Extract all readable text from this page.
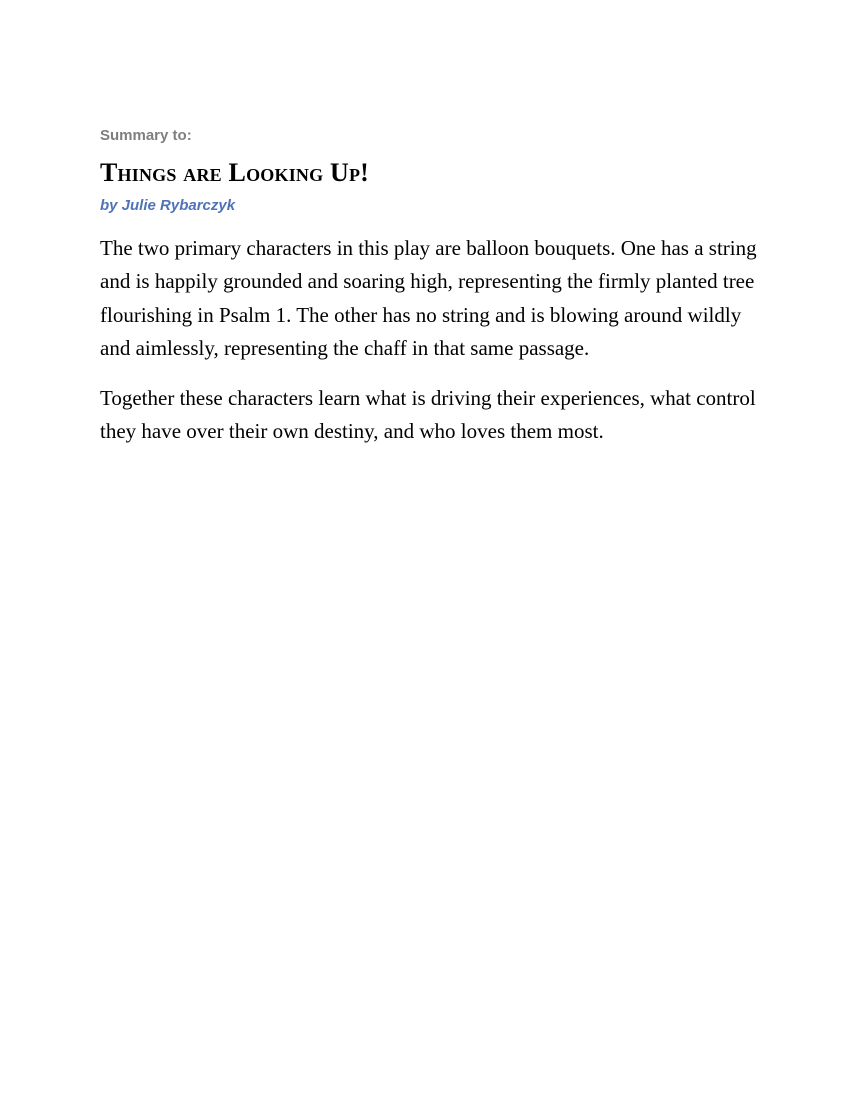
Summary to:

Things are Looking Up!

by Julie Rybarczyk

The two primary characters in this play are balloon bouquets. One has a string and is happily grounded and soaring high, representing the firmly planted tree flourishing in Psalm 1. The other has no string and is blowing around wildly and aimlessly, representing the chaff in that same passage.

Together these characters learn what is driving their experiences, what control they have over their own destiny, and who loves them most.
